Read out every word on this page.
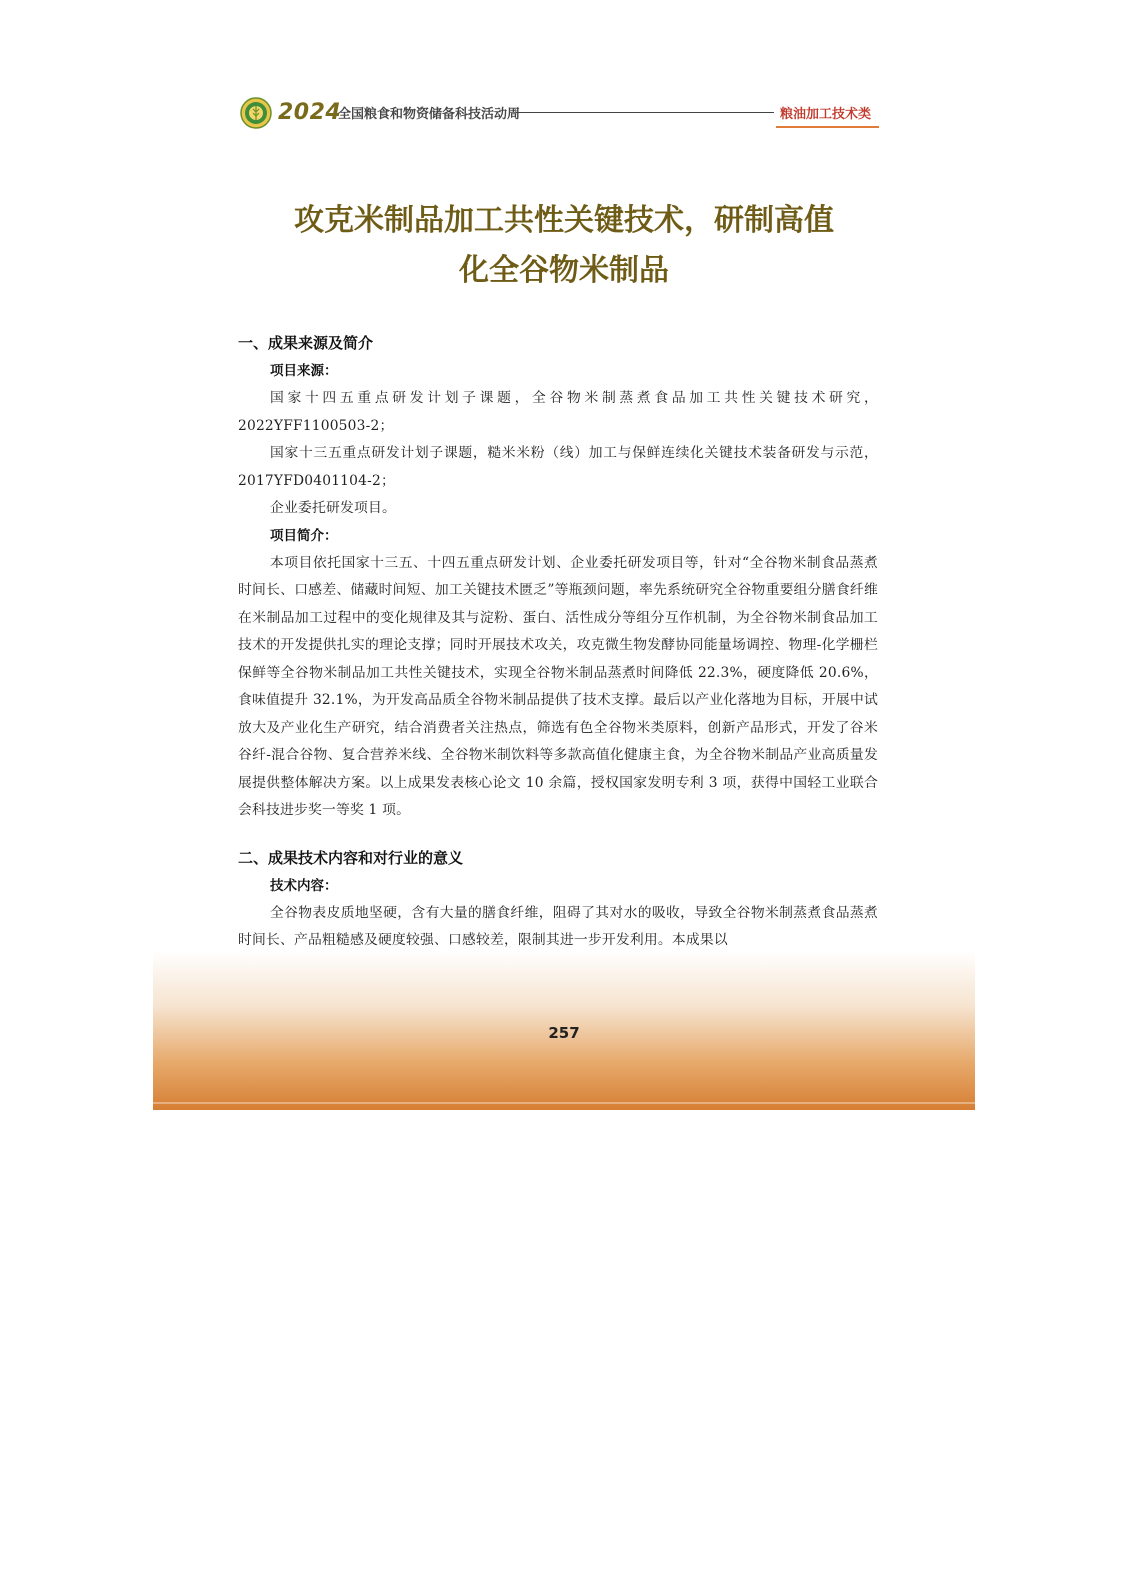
2024
全国粮食和物资储备科技活动周	粮油加工技术类
攻克米制品加工共性关键技术，研制高值
化全谷物米制品
一、成果来源及简介
项目来源：

国家十四五重点研发计划子课题，全谷物米制蒸煮食品加工共性关键技术研究，2022YFF1100503-2；

国家十三五重点研发计划子课题，糙米米粉（线）加工与保鲜连续化关键技术装备研发与示范，2017YFD0401104-2；

企业委托研发项目。

项目简介：

本项目依托国家十三五、十四五重点研发计划、企业委托研发项目等，针对“全谷物米制食品蒸煮时间长、口感差、储藏时间短、加工关键技术匮乏”等瓶颈问题，率先系统研究全谷物重要组分膳食纤维在米制品加工过程中的变化规律及其与淀粉、蛋白、活性成分等组分互作机制，为全谷物米制食品加工技术的开发提供扎实的理论支撑；同时开展技术攻关，攻克微生物发酵协同能量场调控、物理-化学栅栏保鲜等全谷物米制品加工共性关键技术，实现全谷物米制品蒸煮时间降低 22.3%，硬度降低 20.6%，食味值提升 32.1%，为开发高品质全谷物米制品提供了技术支撑。最后以产业化落地为目标，开展中试放大及产业化生产研究，结合消费者关注热点，筛选有色全谷物米类原料，创新产品形式，开发了谷米谷纤-混合谷物、复合营养米线、全谷物米制饮料等多款高值化健康主食，为全谷物米制品产业高质量发展提供整体解决方案。以上成果发表核心论文 10 余篇，授权国家发明专利 3 项，获得中国轻工业联合会科技进步奖一等奖 1 项。

二、成果技术内容和对行业的意义
技术内容：

全谷物表皮质地坚硬，含有大量的膳食纤维，阻碍了其对水的吸收，导致全谷物米制蒸煮食品蒸煮时间长、产品粗糙感及硬度较强、口感较差，限制其进一步开发利用。本成果以

257
